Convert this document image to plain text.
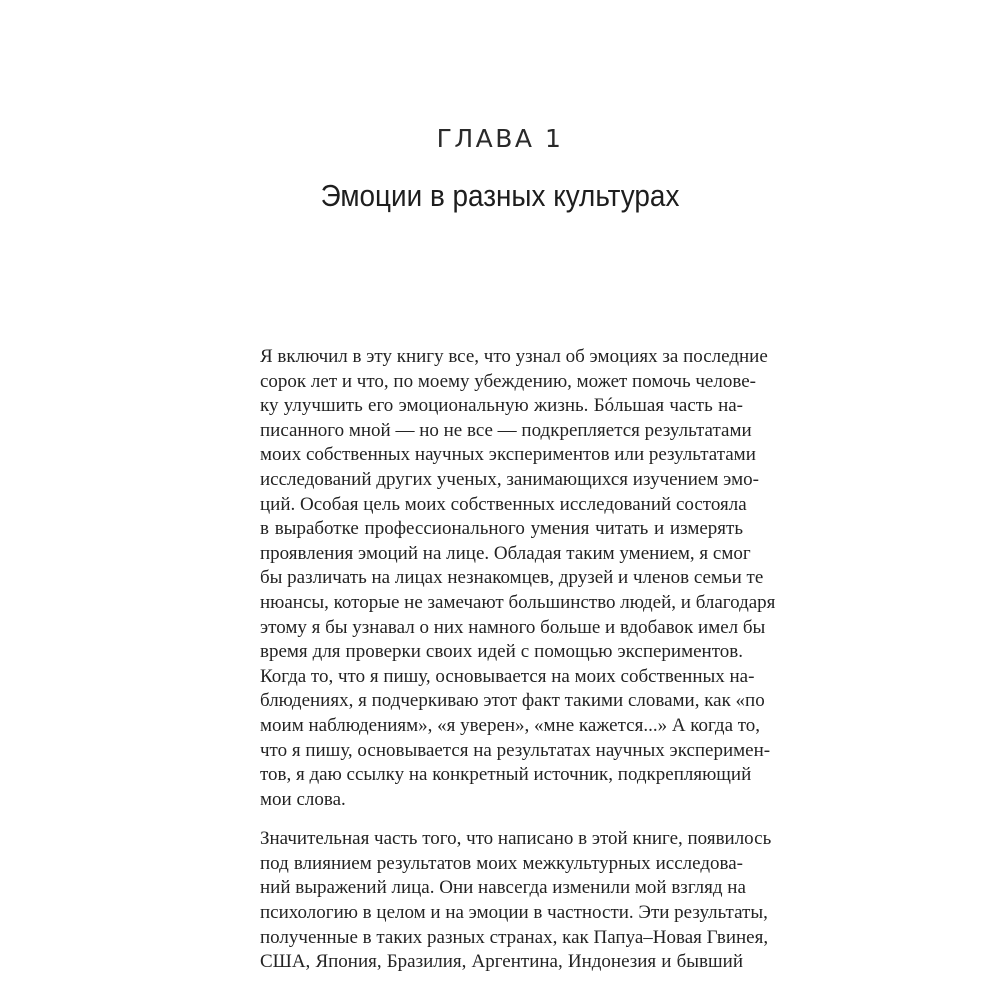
ГЛАВА 1
Эмоции в разных культурах
Я включил в эту книгу все, что узнал об эмоциях за последние
сорок лет и что, по моему убеждению, может помочь челове-
ку улучшить его эмоциональную жизнь. Бóльшая часть на-
писанного мной — но не все — подкрепляется результатами
моих собственных научных экспериментов или результатами
исследований других ученых, занимающихся изучением эмо-
ций. Особая цель моих собственных исследований состояла
в выработке профессионального умения читать и измерять
проявления эмоций на лице. Обладая таким умением, я смог
бы различать на лицах незнакомцев, друзей и членов семьи те
нюансы, которые не замечают большинство людей, и благодаря
этому я бы узнавал о них намного больше и вдобавок имел бы
время для проверки своих идей с помощью экспериментов.
Когда то, что я пишу, основывается на моих собственных на-
блюдениях, я подчеркиваю этот факт такими словами, как «по
моим наблюдениям», «я уверен», «мне кажется...» А когда то,
что я пишу, основывается на результатах научных эксперимен-
тов, я даю ссылку на конкретный источник, подкрепляющий
мои слова.
Значительная часть того, что написано в этой книге, появилось
под влиянием результатов моих межкультурных исследова-
ний выражений лица. Они навсегда изменили мой взгляд на
психологию в целом и на эмоции в частности. Эти результаты,
полученные в таких разных странах, как Папуа–Новая Гвинея,
США, Япония, Бразилия, Аргентина, Индонезия и бывший
